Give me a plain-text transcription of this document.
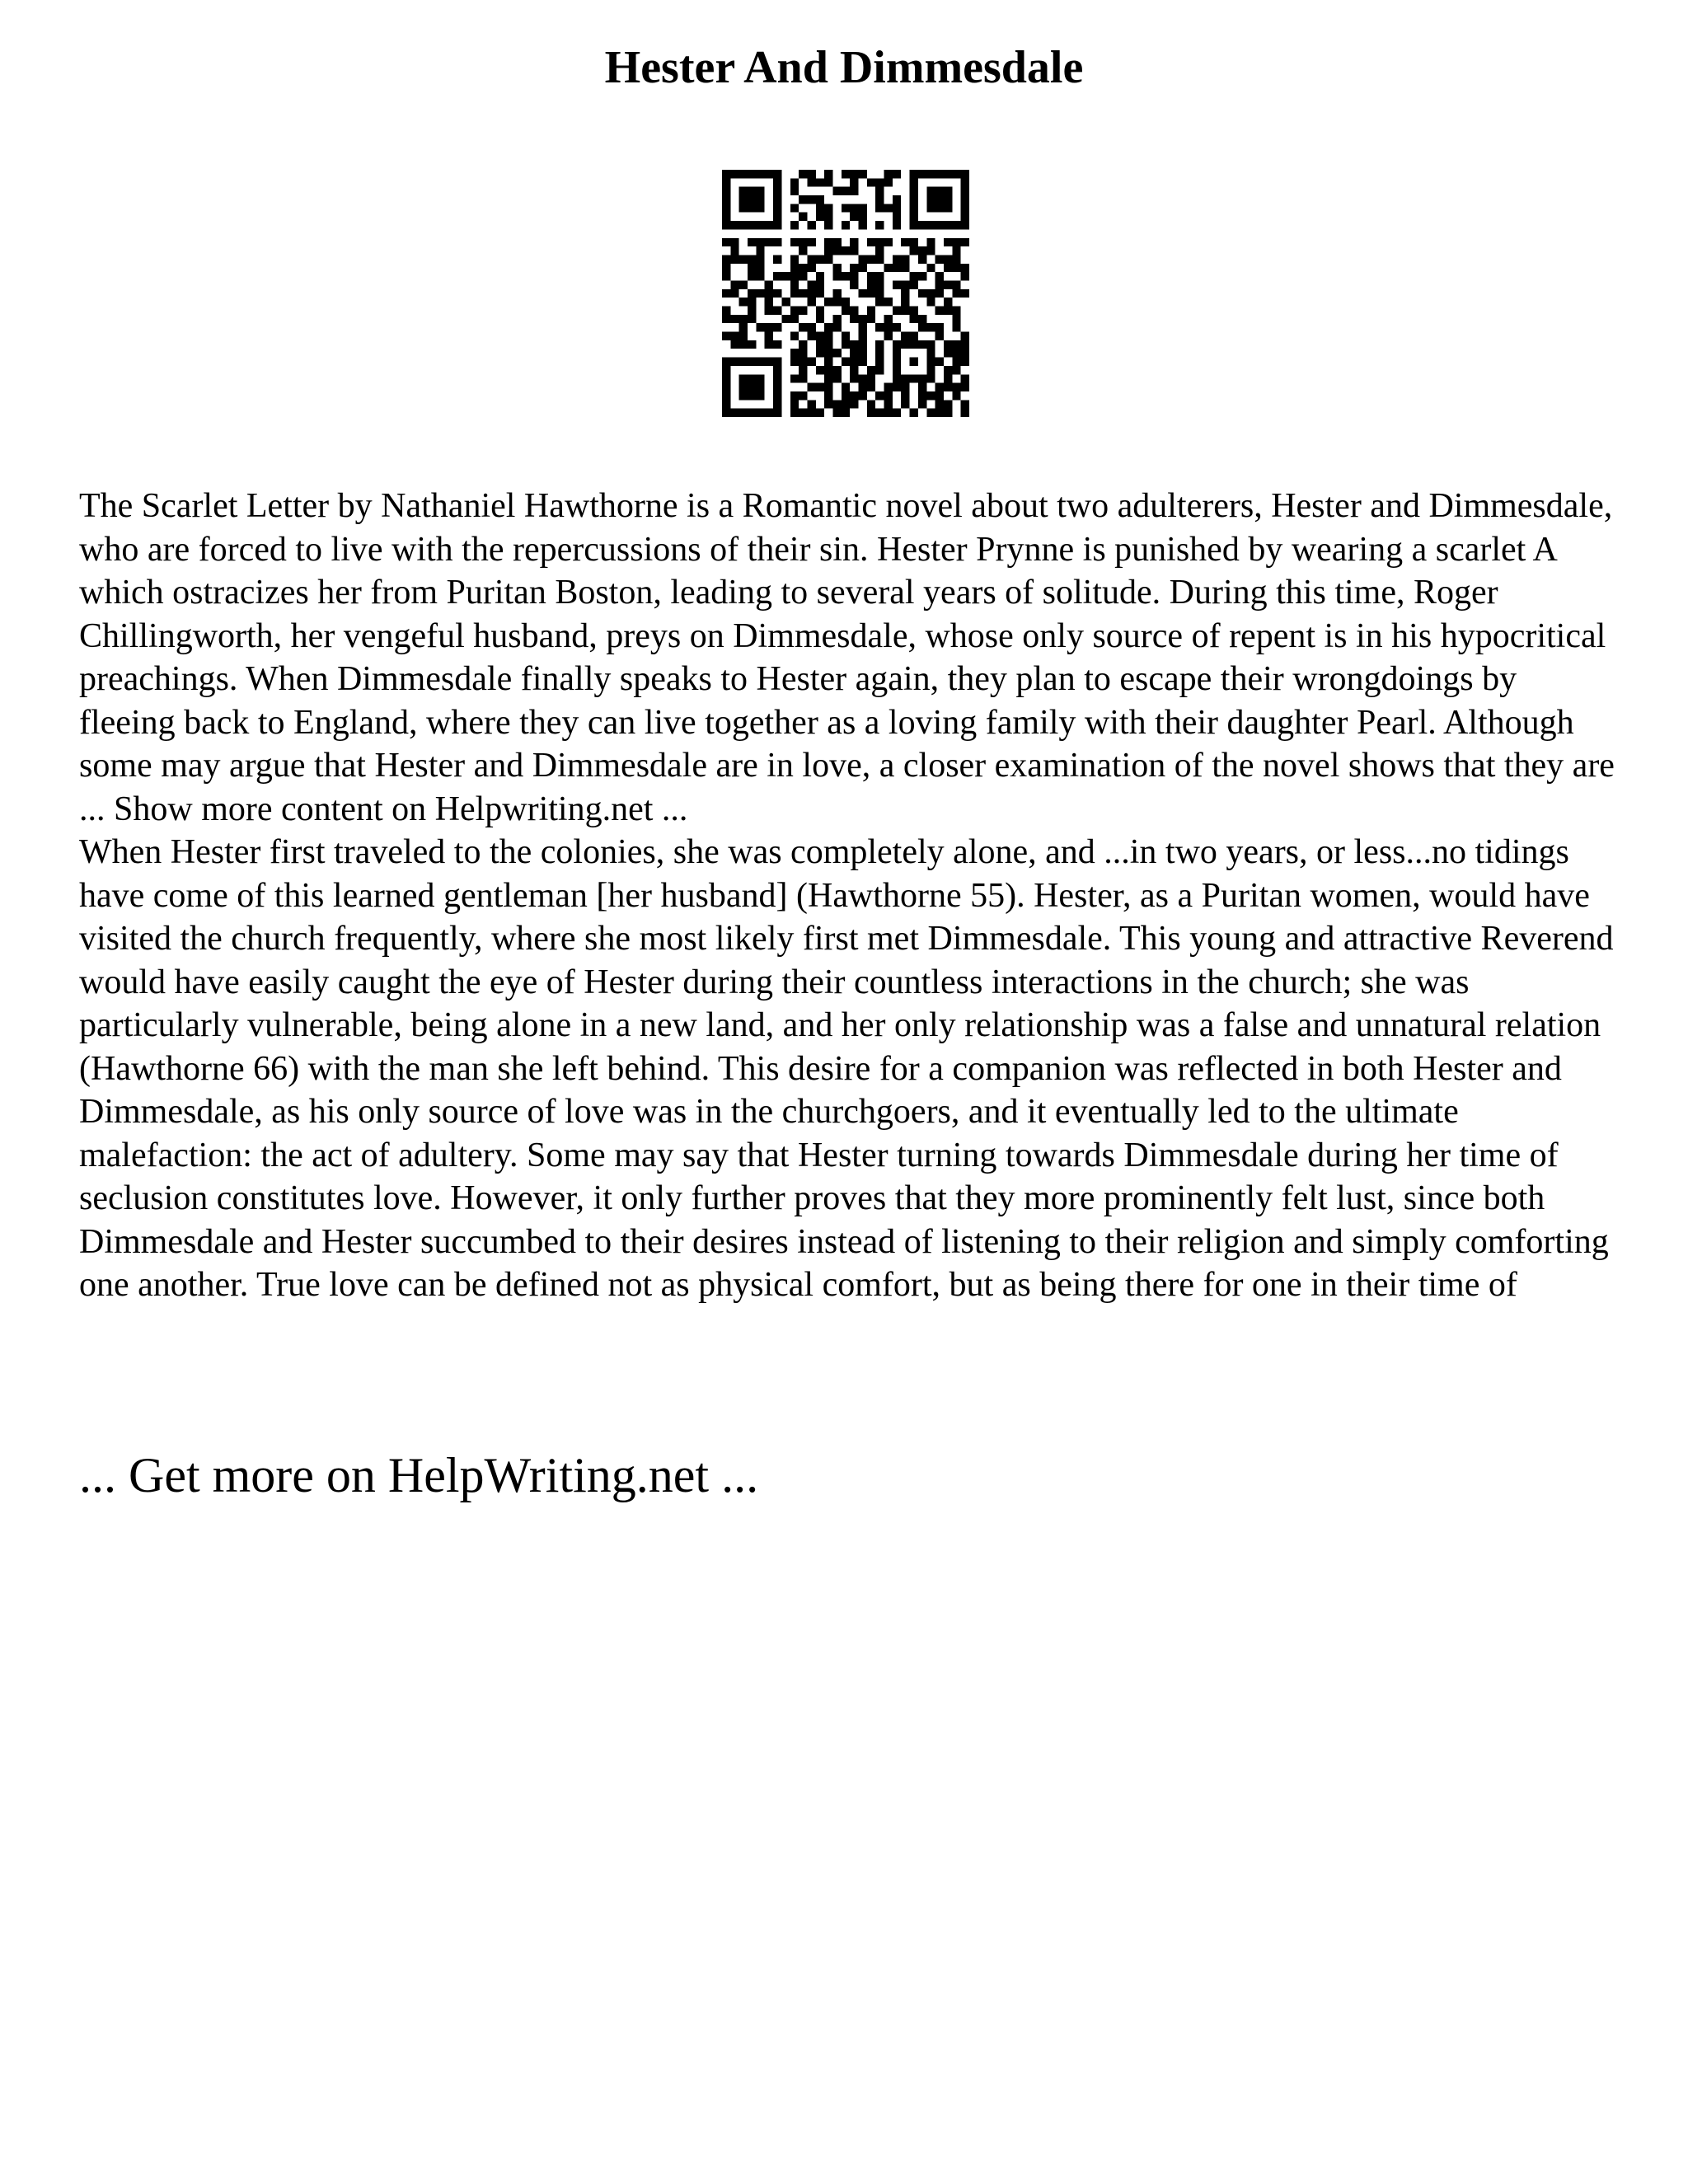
Hester And Dimmesdale

The Scarlet Letter by Nathaniel Hawthorne is a Romantic novel about two adulterers, Hester and Dimmesdale, who are forced to live with the repercussions of their sin. Hester Prynne is punished by wearing a scarlet A which ostracizes her from Puritan Boston, leading to several years of solitude. During this time, Roger Chillingworth, her vengeful husband, preys on Dimmesdale, whose only source of repent is in his hypocritical preachings. When Dimmesdale finally speaks to Hester again, they plan to escape their wrongdoings by fleeing back to England, where they can live together as a loving family with their daughter Pearl. Although some may argue that Hester and Dimmesdale are in love, a closer examination of the novel shows that they are ... Show more content on Helpwriting.net ...

When Hester first traveled to the colonies, she was completely alone, and ...in two years, or less...no tidings have come of this learned gentleman [her husband] (Hawthorne 55). Hester, as a Puritan women, would have visited the church frequently, where she most likely first met Dimmesdale. This young and attractive Reverend would have easily caught the eye of Hester during their countless interactions in the church; she was particularly vulnerable, being alone in a new land, and her only relationship was a false and unnatural relation (Hawthorne 66) with the man she left behind. This desire for a companion was reflected in both Hester and Dimmesdale, as his only source of love was in the churchgoers, and it eventually led to the ultimate malefaction: the act of adultery. Some may say that Hester turning towards Dimmesdale during her time of seclusion constitutes love. However, it only further proves that they more prominently felt lust, since both Dimmesdale and Hester succumbed to their desires instead of listening to their religion and simply comforting one another. True love can be defined not as physical comfort, but as being there for one in their time of

... Get more on HelpWriting.net ...
